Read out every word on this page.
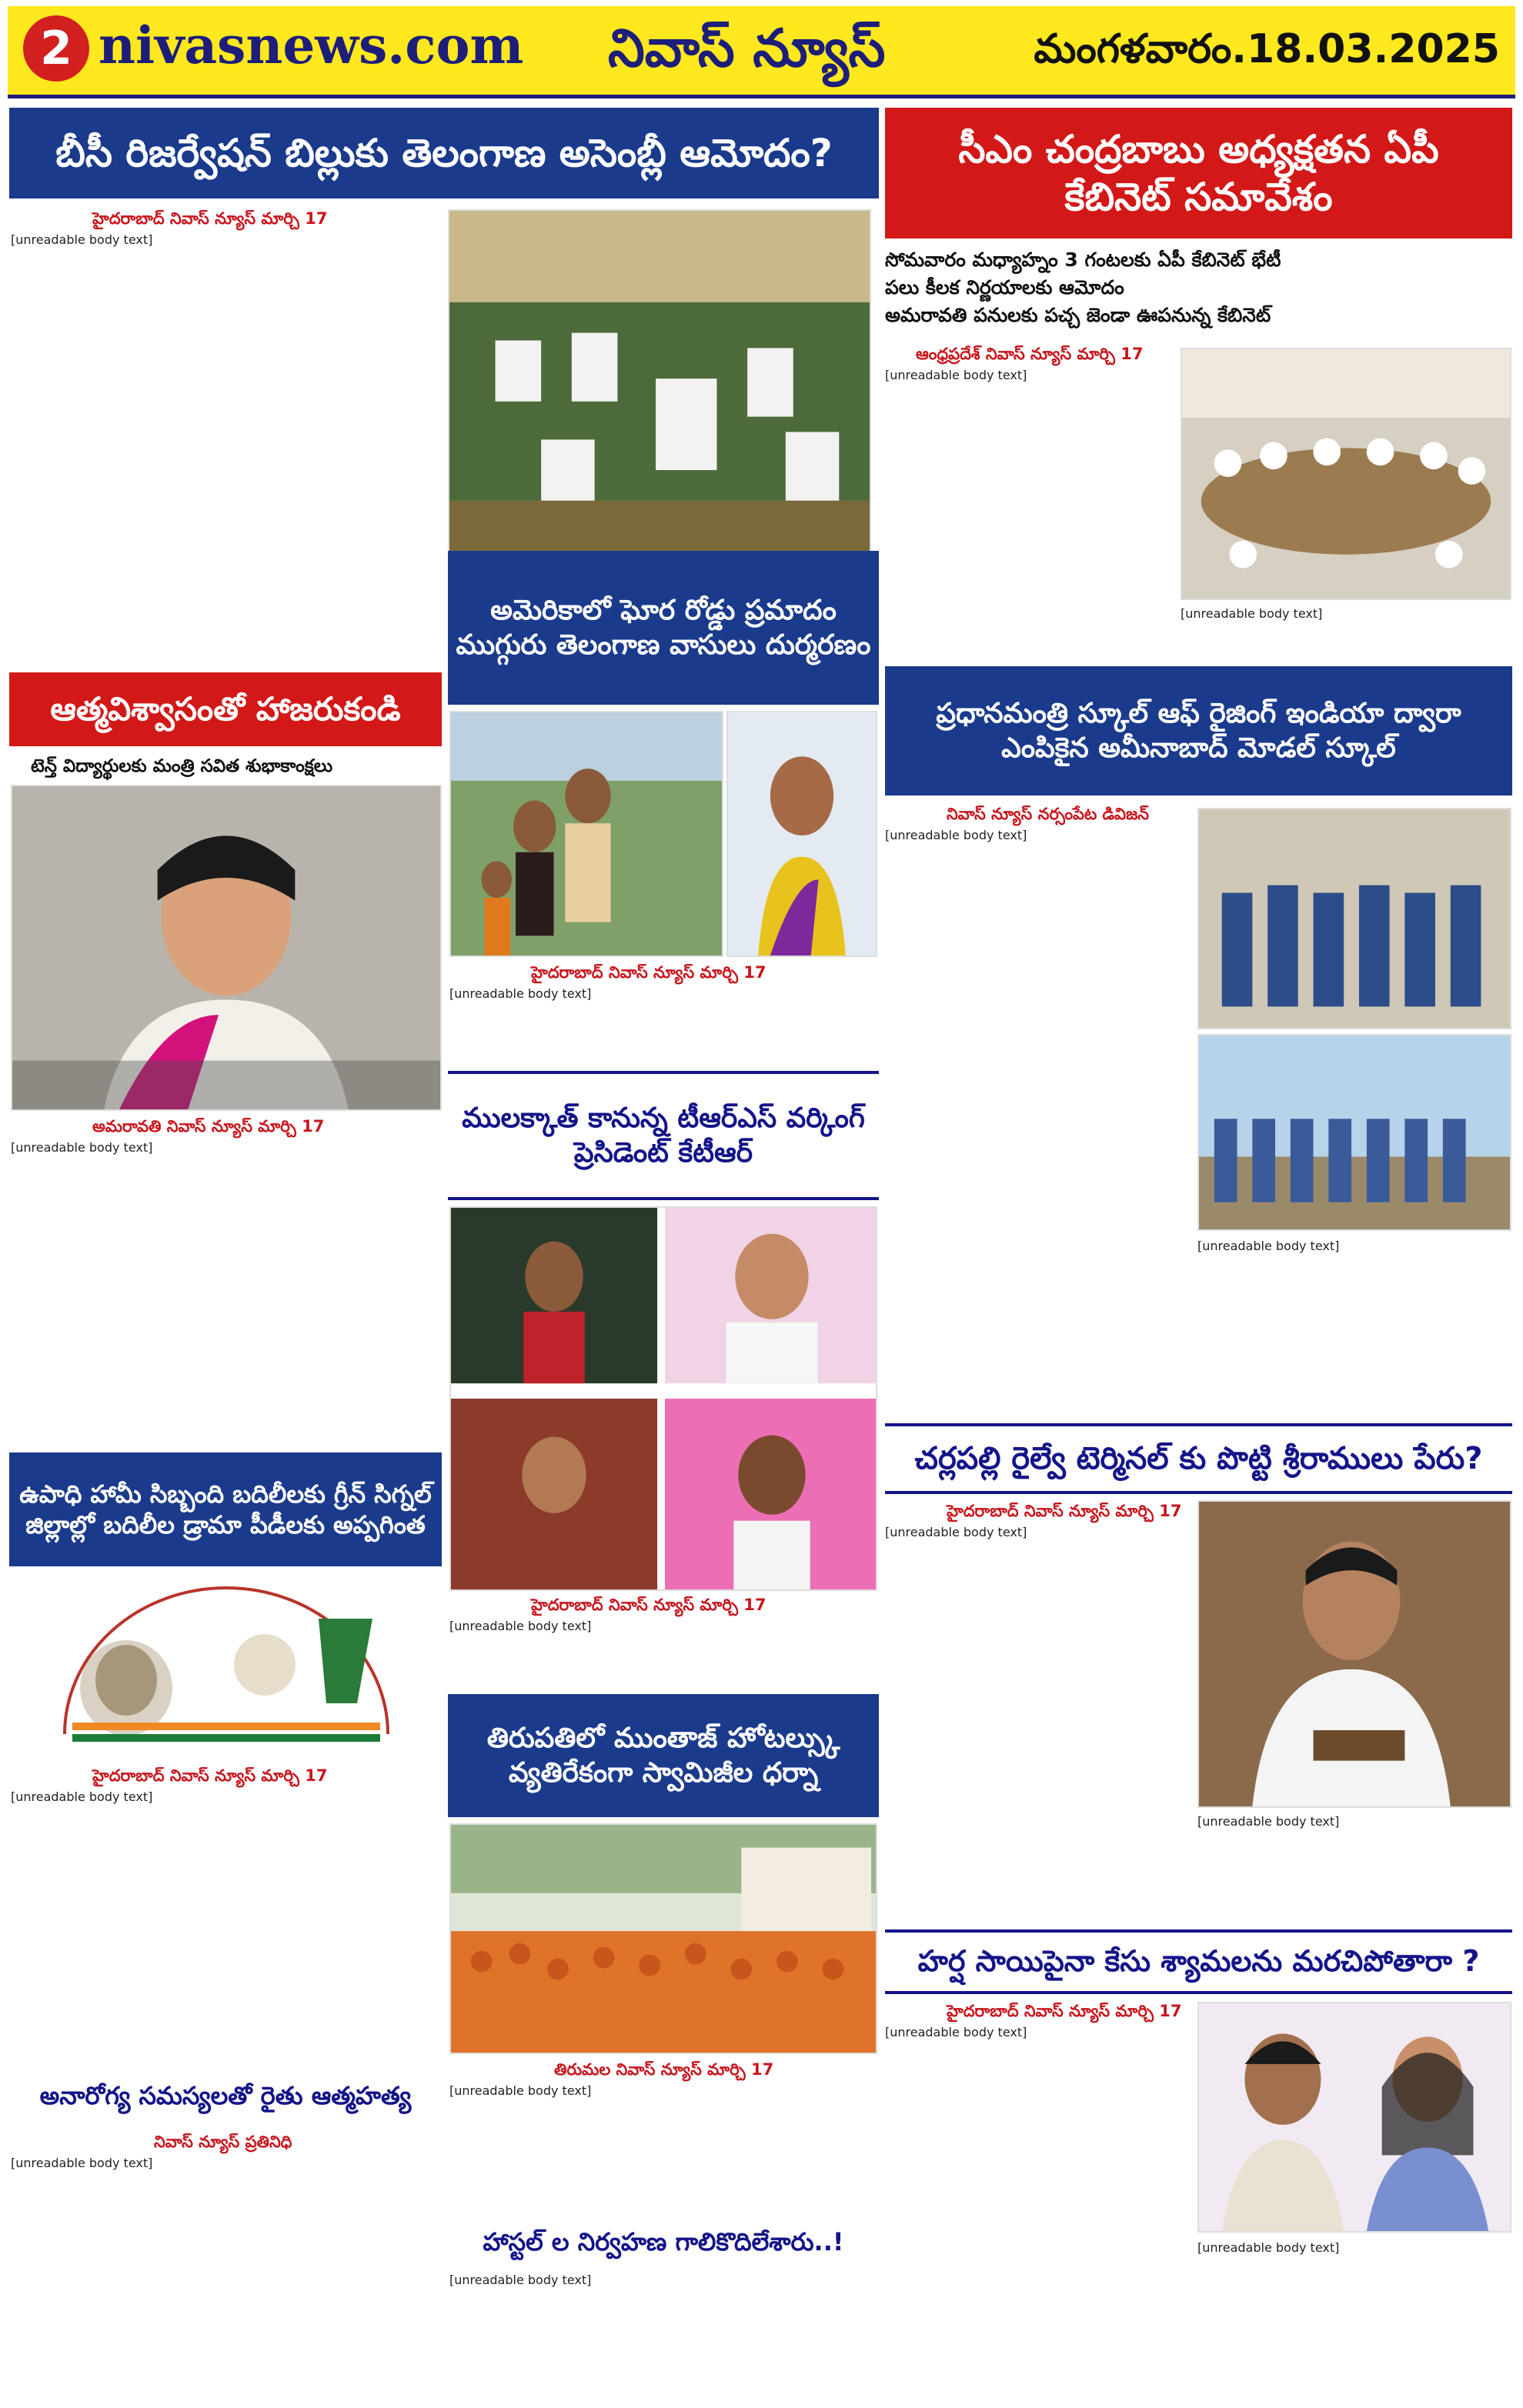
2 nivasnews.com నివాస్ న్యూస్	మంగళవారం.18.03.2025
బీసీ రిజర్వేషన్ బిల్లుకు తెలంగాణ అసెంబ్లీ ఆమోదం?
హైదరాబాద్ నివాస్ న్యూస్ మార్చి 17
[unreadable body text]
సీఎం చంద్రబాబు అధ్యక్షతన ఏపీ కేబినెట్ సమావేశం
సోమవారం మధ్యాహ్నం 3 గంటలకు ఏపీ కేబినెట్ భేటీ
పలు కీలక నిర్ణయాలకు ఆమోదం
అమరావతి పనులకు పచ్చ జెండా ఊపనున్న కేబినెట్
ఆంధ్రప్రదేశ్ నివాస్ న్యూస్ మార్చి 17
[unreadable body text]
[unreadable body text]
ఆత్మవిశ్వాసంతో హాజరుకండి
టెన్త్ విద్యార్థులకు మంత్రి సవిత శుభాకాంక్షలు
అమరావతి నివాస్ న్యూస్ మార్చి 17
[unreadable body text]
అమెరికాలో ఘోర రోడ్డు ప్రమాదం ముగ్గురు తెలంగాణ వాసులు దుర్మరణం
హైదరాబాద్ నివాస్ న్యూస్ మార్చి 17
[unreadable body text]
ములక్కాత్ కానున్న టీఆర్ఎస్ వర్కింగ్ ప్రెసిడెంట్ కేటీఆర్
హైదరాబాద్ నివాస్ న్యూస్ మార్చి 17
[unreadable body text]
ప్రధానమంత్రి స్కూల్ ఆఫ్ రైజింగ్ ఇండియా ద్వారా ఎంపికైన అమీనాబాద్ మోడల్ స్కూల్
నివాస్ న్యూస్ నర్సంపేట డివిజన్
[unreadable body text]
[unreadable body text]
ఉపాధి హామీ సిబ్బంది బదిలీలకు గ్రీన్ సిగ్నల్ జిల్లాల్లో బదిలీల డ్రామా పీడీలకు అప్పగింత
హైదరాబాద్ నివాస్ న్యూస్ మార్చి 17
[unreadable body text]
చర్లపల్లి రైల్వే టెర్మినల్ కు పొట్టి శ్రీరాములు పేరు?
హైదరాబాద్ నివాస్ న్యూస్ మార్చి 17
[unreadable body text]
[unreadable body text]
తిరుపతిలో ముంతాజ్ హోటల్స్కు వ్యతిరేకంగా స్వామిజీల ధర్నా
తిరుమల నివాస్ న్యూస్ మార్చి 17
[unreadable body text]
హర్ష సాయిపైనా కేసు శ్యామలను మరచిపోతారా ?
హైదరాబాద్ నివాస్ న్యూస్ మార్చి 17
[unreadable body text]
[unreadable body text]
అనారోగ్య సమస్యలతో రైతు ఆత్మహత్య
నివాస్ న్యూస్ ప్రతినిధి
[unreadable body text]
హాస్టల్ ల నిర్వహణ గాలికొదిలేశారు..!
[unreadable body text]
